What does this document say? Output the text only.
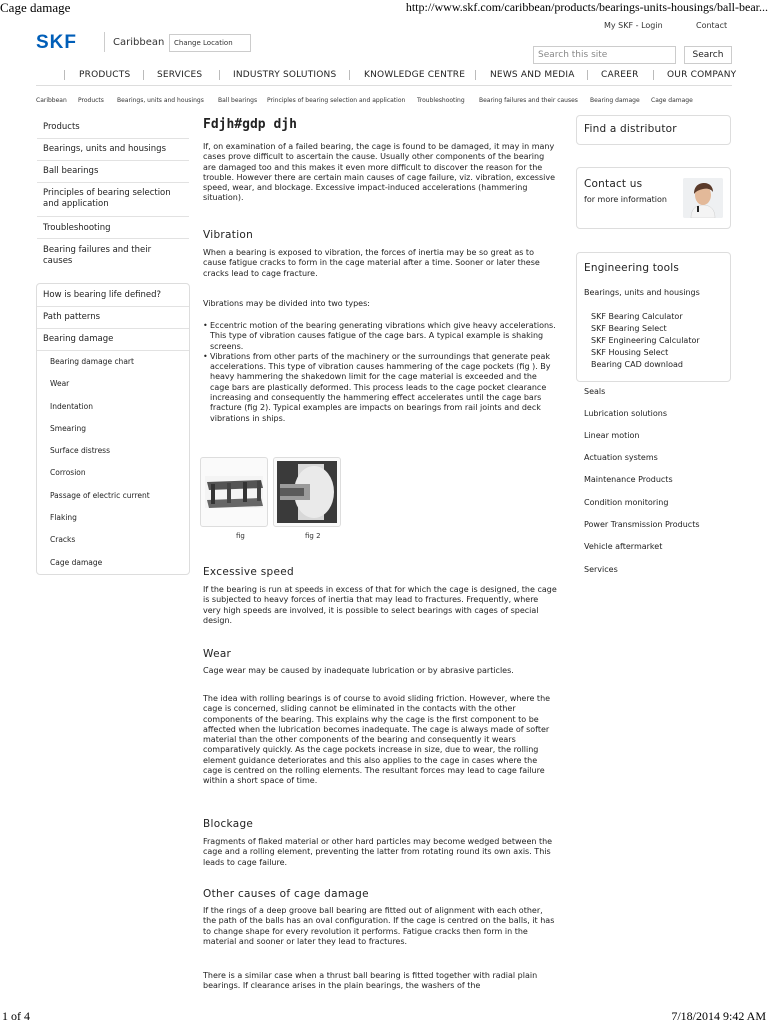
Cage damage	http://www.skf.com/caribbean/products/bearings-units-housings/ball-bear...
1 of 4	7/18/2014 9:42 AM
My SKF - Login	Contact
SKF	Caribbean	Change Location
Search this site	Search
PRODUCTS	SERVICES	INDUSTRY SOLUTIONS	KNOWLEDGE CENTRE	NEWS AND MEDIA	CAREER	OUR COMPANY
Caribbean Products Bearings, units and housings Ball bearings Principles of bearing selection and application Troubleshooting Bearing failures and their causes Bearing damage Cage damage
Products
Bearings, units and housings
Ball bearings
Principles of bearing selection and application
Troubleshooting
Bearing failures and their causes
How is bearing life defined?
Path patterns
Bearing damage
Bearing damage chart
Wear
Indentation
Smearing
Surface distress
Corrosion
Passage of electric current
Flaking
Cracks
Cage damage
Fdjh#gdp djh

If, on examination of a failed bearing, the cage is found to be damaged, it may in many cases prove difficult to ascertain the cause. Usually other components of the bearing are damaged too and this makes it even more difficult to discover the reason for the trouble. However there are certain main causes of cage failure, viz. vibration, excessive speed, wear, and blockage. Excessive impact-induced accelerations (hammering situation).

Vibration

When a bearing is exposed to vibration, the forces of inertia may be so great as to cause fatigue cracks to form in the cage material after a time. Sooner or later these cracks lead to cage fracture.

Vibrations may be divided into two types:

• Eccentric motion of the bearing generating vibrations which give heavy accelerations. This type of vibration causes fatigue of the cage bars. A typical example is shaking screens.
• Vibrations from other parts of the machinery or the surroundings that generate peak accelerations. This type of vibration causes hammering of the cage pockets (fig ). By heavy hammering the shakedown limit for the cage material is exceeded and the cage bars are plastically deformed. This process leads to the cage pocket clearance increasing and consequently the hammering effect accelerates until the cage bars fracture (fig 2). Typical examples are impacts on bearings from rail joints and deck vibrations in ships.
fig	fig 2
Excessive speed

If the bearing is run at speeds in excess of that for which the cage is designed, the cage is subjected to heavy forces of inertia that may lead to fractures. Frequently, where very high speeds are involved, it is possible to select bearings with cages of special design.

Wear

Cage wear may be caused by inadequate lubrication or by abrasive particles.

The idea with rolling bearings is of course to avoid sliding friction. However, where the cage is concerned, sliding cannot be eliminated in the contacts with the other components of the bearing. This explains why the cage is the first component to be affected when the lubrication becomes inadequate. The cage is always made of softer material than the other components of the bearing and consequently it wears comparatively quickly. As the cage pockets increase in size, due to wear, the rolling element guidance deteriorates and this also applies to the cage in cases where the cage is centred on the rolling elements. The resultant forces may lead to cage failure within a short space of time.

Blockage

Fragments of flaked material or other hard particles may become wedged between the cage and a rolling element, preventing the latter from rotating round its own axis. This leads to cage failure.

Other causes of cage damage

If the rings of a deep groove ball bearing are fitted out of alignment with each other, the path of the balls has an oval configuration. If the cage is centred on the balls, it has to change shape for every revolution it performs. Fatigue cracks then form in the material and sooner or later they lead to fractures.

There is a similar case when a thrust ball bearing is fitted together with radial plain bearings. If clearance arises in the plain bearings, the washers of the

Find a distributor
Contact us
for more information
Engineering tools
Bearings, units and housings
SKF Bearing Calculator
SKF Bearing Select
SKF Engineering Calculator
SKF Housing Select
Bearing CAD download
Seals
Lubrication solutions
Linear motion
Actuation systems
Maintenance Products
Condition monitoring
Power Transmission Products
Vehicle aftermarket
Services
